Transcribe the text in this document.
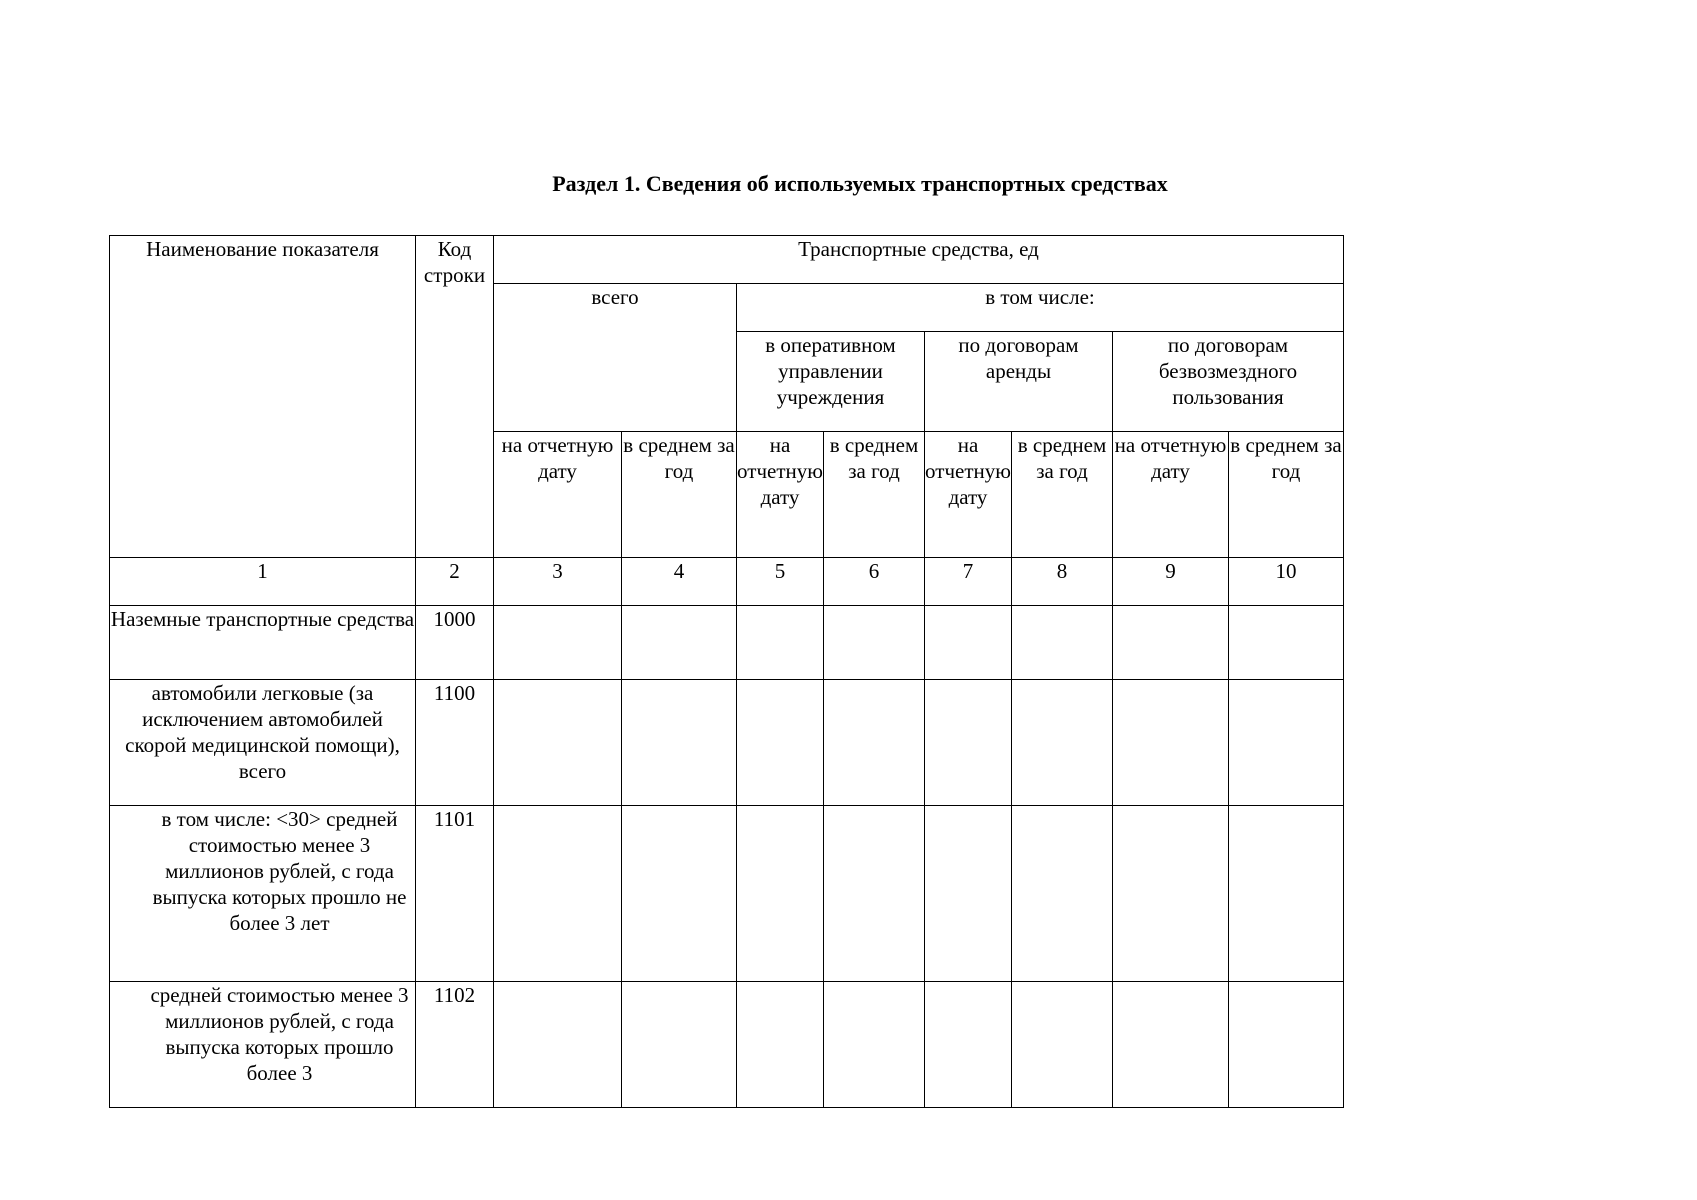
Раздел 1. Сведения об используемых транспортных средствах
Наименование показателя	Код строки	Транспортные средства, ед							
		всего		в том числе:					
				в оперативном управлении учреждения		по договорам аренды		по договорам безвозмездного пользования	
		на отчетную дату	в среднем за год	на отчетную дату	в среднем за год	на отчетную дату	в среднем за год	на отчетную дату	в среднем за год
1	2	3	4	5	6	7	8	9	10
Наземные транспортные средства	1000								
автомобили легковые (за исключением автомобилей скорой медицинской помощи), всего	1100								
в том числе: <30> средней стоимостью менее 3 миллионов рублей, с года выпуска которых прошло не более 3 лет	1101								
средней стоимостью менее 3 миллионов рублей, с года выпуска которых прошло более 3	1102								
